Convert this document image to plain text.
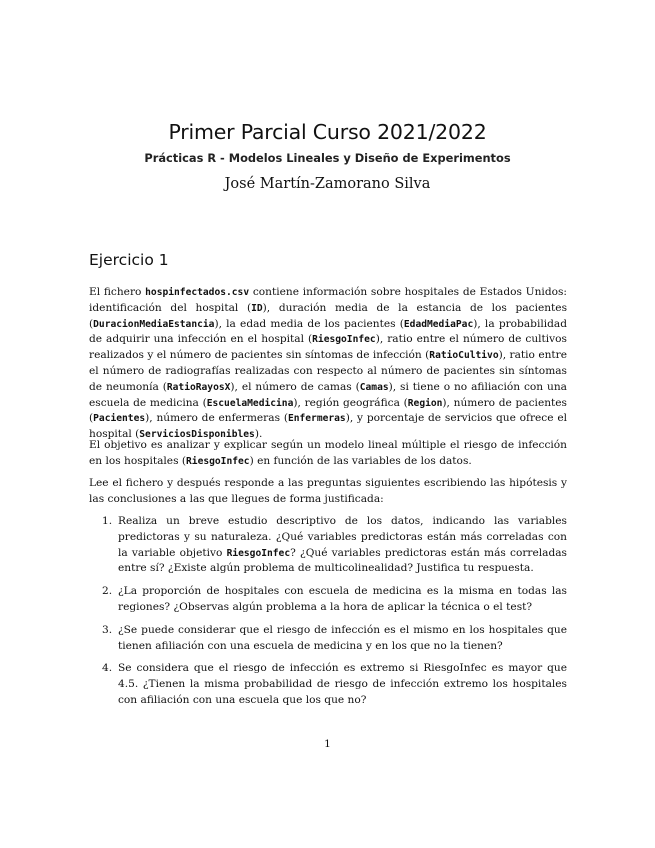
Primer Parcial Curso 2021/2022
Prácticas R - Modelos Lineales y Diseño de Experimentos
José Martín-Zamorano Silva
Ejercicio 1
El fichero hospinfectados.csv contiene información sobre hospitales de Estados Unidos: identificación del hospital (ID), duración media de la estancia de los pacientes (DuracionMediaEstancia), la edad media de los pacientes (EdadMediaPac), la probabilidad de adquirir una infección en el hospital (RiesgoInfec), ratio entre el número de cultivos realizados y el número de pacientes sin síntomas de infección (RatioCultivo), ratio entre el número de radiografías realizadas con respecto al número de pacientes sin síntomas de neumonía (RatioRayosX), el número de camas (Camas), si tiene o no afiliación con una escuela de medicina (EscuelaMedicina), región geográfica (Region), número de pacientes (Pacientes), número de enfermeras (Enfermeras), y porcentaje de servicios que ofrece el hospital (ServiciosDisponibles).
El objetivo es analizar y explicar según un modelo lineal múltiple el riesgo de infección en los hospitales (RiesgoInfec) en función de las variables de los datos.
Lee el fichero y después responde a las preguntas siguientes escribiendo las hipótesis y las conclusiones a las que llegues de forma justificada:
1. Realiza un breve estudio descriptivo de los datos, indicando las variables predictoras y su naturaleza. ¿Qué variables predictoras están más correladas con la variable objetivo RiesgoInfec? ¿Qué variables predictoras están más correladas entre sí? ¿Existe algún problema de multicolinealidad? Justifica tu respuesta.
2. ¿La proporción de hospitales con escuela de medicina es la misma en todas las regiones? ¿Observas algún problema a la hora de aplicar la técnica o el test?
3. ¿Se puede considerar que el riesgo de infección es el mismo en los hospitales que tienen afiliación con una escuela de medicina y en los que no la tienen?
4. Se considera que el riesgo de infección es extremo si RiesgoInfec es mayor que 4.5. ¿Tienen la misma probabilidad de riesgo de infección extremo los hospitales con afiliación con una escuela que los que no?
1
